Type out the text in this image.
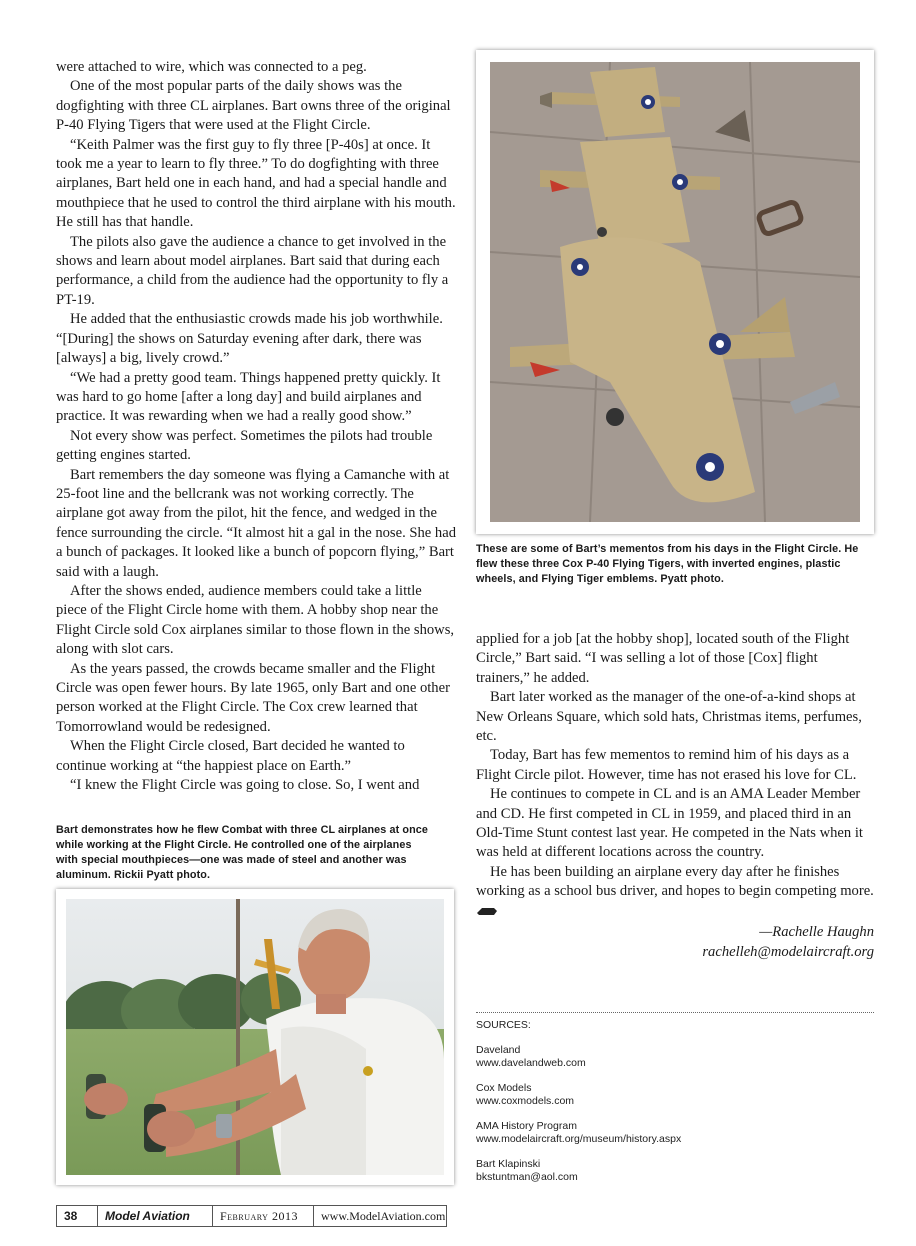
were attached to wire, which was connected to a peg.

One of the most popular parts of the daily shows was the dogfighting with three CL airplanes. Bart owns three of the original P-40 Flying Tigers that were used at the Flight Circle.

“Keith Palmer was the first guy to fly three [P-40s] at once. It took me a year to learn to fly three.” To do dogfighting with three airplanes, Bart held one in each hand, and had a special handle and mouthpiece that he used to control the third airplane with his mouth. He still has that handle.

The pilots also gave the audience a chance to get involved in the shows and learn about model airplanes. Bart said that during each performance, a child from the audience had the opportunity to fly a PT-19.

He added that the enthusiastic crowds made his job worthwhile. “[During] the shows on Saturday evening after dark, there was [always] a big, lively crowd.”

“We had a pretty good team. Things happened pretty quickly. It was hard to go home [after a long day] and build airplanes and practice. It was rewarding when we had a really good show.”

Not every show was perfect. Sometimes the pilots had trouble getting engines started.

Bart remembers the day someone was flying a Camanche with at 25-foot line and the bellcrank was not working correctly. The airplane got away from the pilot, hit the fence, and wedged in the fence surrounding the circle. “It almost hit a gal in the nose. She had a bunch of packages. It looked like a bunch of popcorn flying,” Bart said with a laugh.

After the shows ended, audience members could take a little piece of the Flight Circle home with them. A hobby shop near the Flight Circle sold Cox airplanes similar to those flown in the shows, along with slot cars.

As the years passed, the crowds became smaller and the Flight Circle was open fewer hours. By late 1965, only Bart and one other person worked at the Flight Circle. The Cox crew learned that Tomorrowland would be redesigned.

When the Flight Circle closed, Bart decided he wanted to continue working at “the happiest place on Earth.”

“I knew the Flight Circle was going to close. So, I went and

Bart demonstrates how he flew Combat with three CL airplanes at once while working at the Flight Circle. He controlled one of the airplanes with special mouthpieces—one was made of steel and another was aluminum. Rickii Pyatt photo.
These are some of Bart’s mementos from his days in the Flight Circle. He flew these three Cox P-40 Flying Tigers, with inverted engines, plastic wheels, and Flying Tiger emblems. Pyatt photo.

applied for a job [at the hobby shop], located south of the Flight Circle,” Bart said. “I was selling a lot of those [Cox] flight trainers,” he added.

Bart later worked as the manager of the one-of-a-kind shops at New Orleans Square, which sold hats, Christmas items, perfumes, etc.

Today, Bart has few mementos to remind him of his days as a Flight Circle pilot. However, time has not erased his love for CL.

He continues to compete in CL and is an AMA Leader Member and CD. He first competed in CL in 1959, and placed third in an Old-Time Stunt contest last year. He competed in the Nats when it was held at different locations across the country.

He has been building an airplane every day after he finishes working as a school bus driver, and hopes to begin competing more.

—Rachelle Haughn
rachelleh@modelaircraft.org
SOURCES:
Daveland
www.davelandweb.com
Cox Models
www.coxmodels.com
AMA History Program
www.modelaircraft.org/museum/history.aspx
Bart Klapinski
bkstuntman@aol.com
38	Model Aviation	February 2013	www.ModelAviation.com
